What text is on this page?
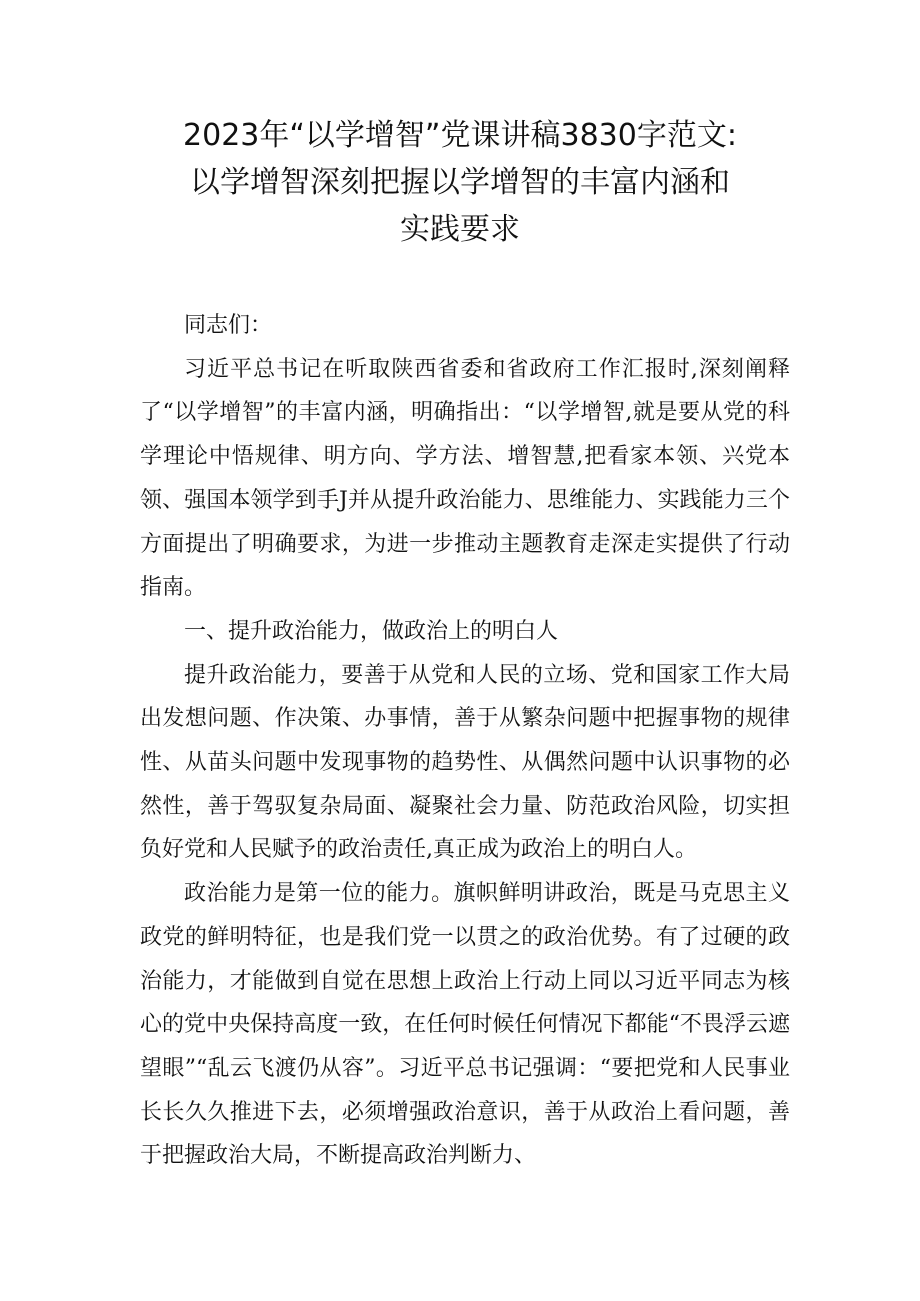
2023年“以学增智”党课讲稿3830字范文:
以学增智深刻把握以学增智的丰富内涵和
实践要求

同志们：

习近平总书记在听取陕西省委和省政府工作汇报时,深刻阐释了“以学增智”的丰富内涵，明确指出：“以学增智,就是要从党的科学理论中悟规律、明方向、学方法、增智慧,把看家本领、兴党本领、强国本领学到手J并从提升政治能力、思维能力、实践能力三个方面提出了明确要求，为进一步推动主题教育走深走实提供了行动指南。

一、提升政治能力，做政治上的明白人

提升政治能力，要善于从党和人民的立场、党和国家工作大局出发想问题、作决策、办事情，善于从繁杂问题中把握事物的规律性、从苗头问题中发现事物的趋势性、从偶然问题中认识事物的必然性，善于驾驭复杂局面、凝聚社会力量、防范政治风险，切实担负好党和人民赋予的政治责任,真正成为政治上的明白人。

政治能力是第一位的能力。旗帜鲜明讲政治，既是马克思主义政党的鲜明特征，也是我们党一以贯之的政治优势。有了过硬的政治能力，才能做到自觉在思想上政治上行动上同以习近平同志为核心的党中央保持高度一致，在任何时候任何情况下都能“不畏浮云遮望眼”“乱云飞渡仍从容”。习近平总书记强调：“要把党和人民事业长长久久推进下去，必须增强政治意识，善于从政治上看问题，善于把握政治大局，不断提高政治判断力、
